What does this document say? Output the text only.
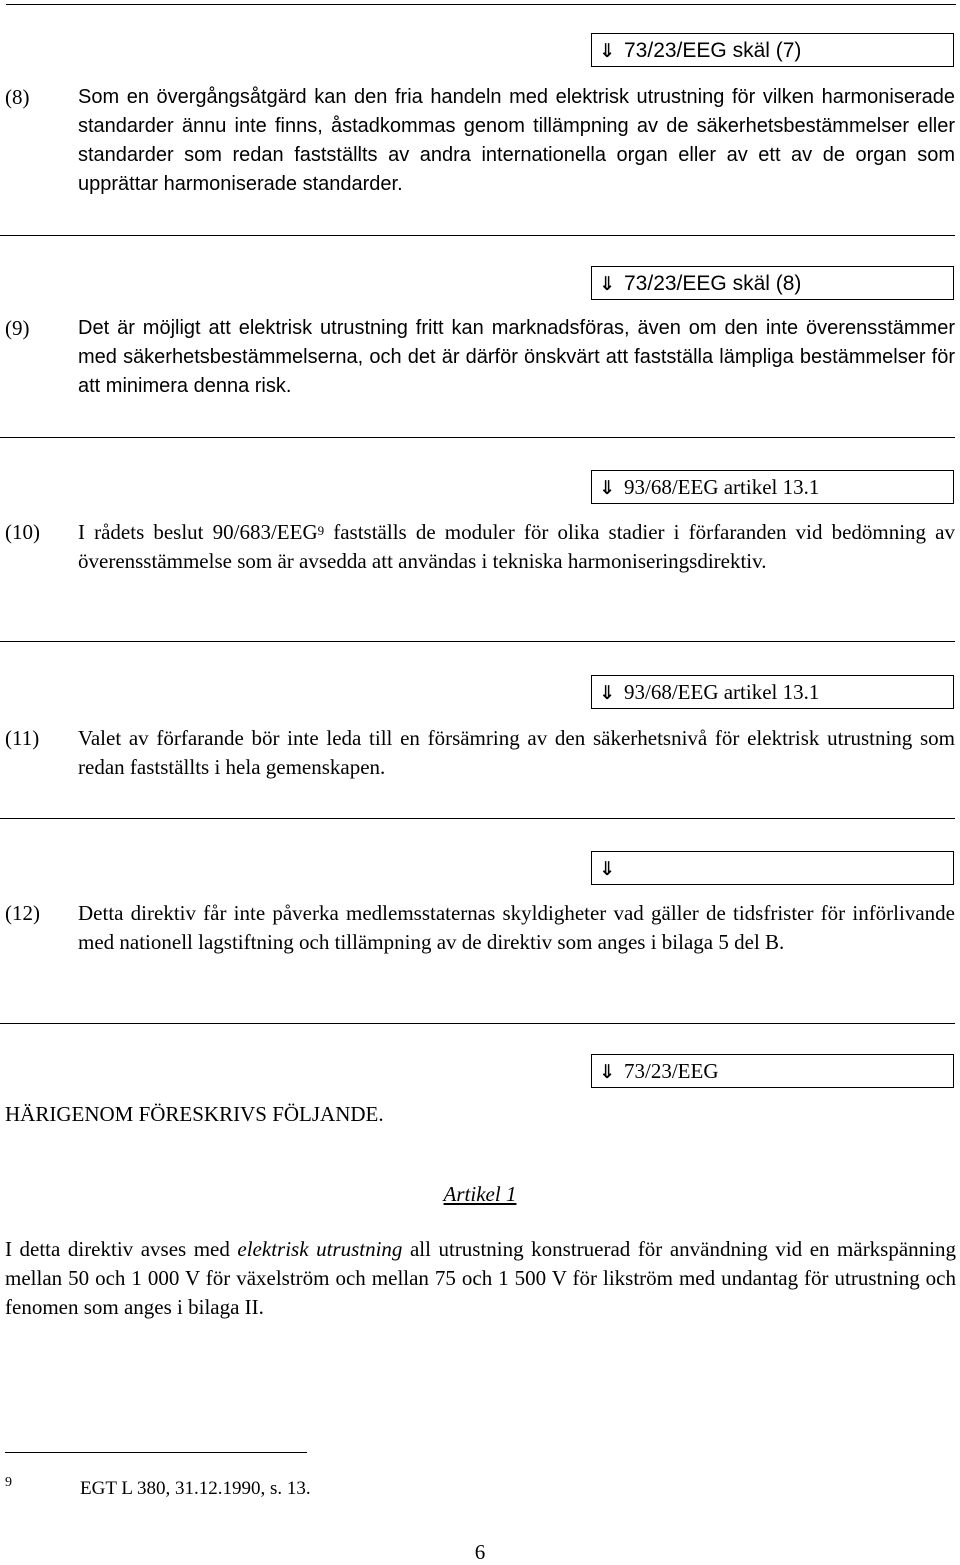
⇓ 73/23/EEG skäl (7)
(8) Som en övergångsåtgärd kan den fria handeln med elektrisk utrustning för vilken harmoniserade standarder ännu inte finns, åstadkommas genom tillämpning av de säkerhetsbestämmelser eller standarder som redan fastställts av andra internationella organ eller av ett av de organ som upprättar harmoniserade standarder.
⇓ 73/23/EEG skäl (8)
(9) Det är möjligt att elektrisk utrustning fritt kan marknadsföras, även om den inte överensstämmer med säkerhetsbestämmelserna, och det är därför önskvärt att fastställa lämpliga bestämmelser för att minimera denna risk.
⇓ 93/68/EEG artikel 13.1
(10) I rådets beslut 90/683/EEG$^9$ fastställs de moduler för olika stadier i förfaranden vid bedömning av överensstämmelse som är avsedda att användas i tekniska harmoniseringsdirektiv.
⇓ 93/68/EEG artikel 13.1
(11) Valet av förfarande bör inte leda till en försämring av den säkerhetsnivå för elektrisk utrustning som redan fastställts i hela gemenskapen.
⇓
(12) Detta direktiv får inte påverka medlemsstaternas skyldigheter vad gäller de tidsfrister för införlivande med nationell lagstiftning och tillämpning av de direktiv som anges i bilaga 5 del B.
⇓ 73/23/EEG
HÄRIGENOM FÖRESKRIVS FÖLJANDE.
Artikel 1
I detta direktiv avses med elektrisk utrustning all utrustning konstruerad för användning vid en märkspänning mellan 50 och 1 000 V för växelström och mellan 75 och 1 500 V för likström med undantag för utrustning och fenomen som anges i bilaga II.
9	EGT L 380, 31.12.1990, s. 13.
6
